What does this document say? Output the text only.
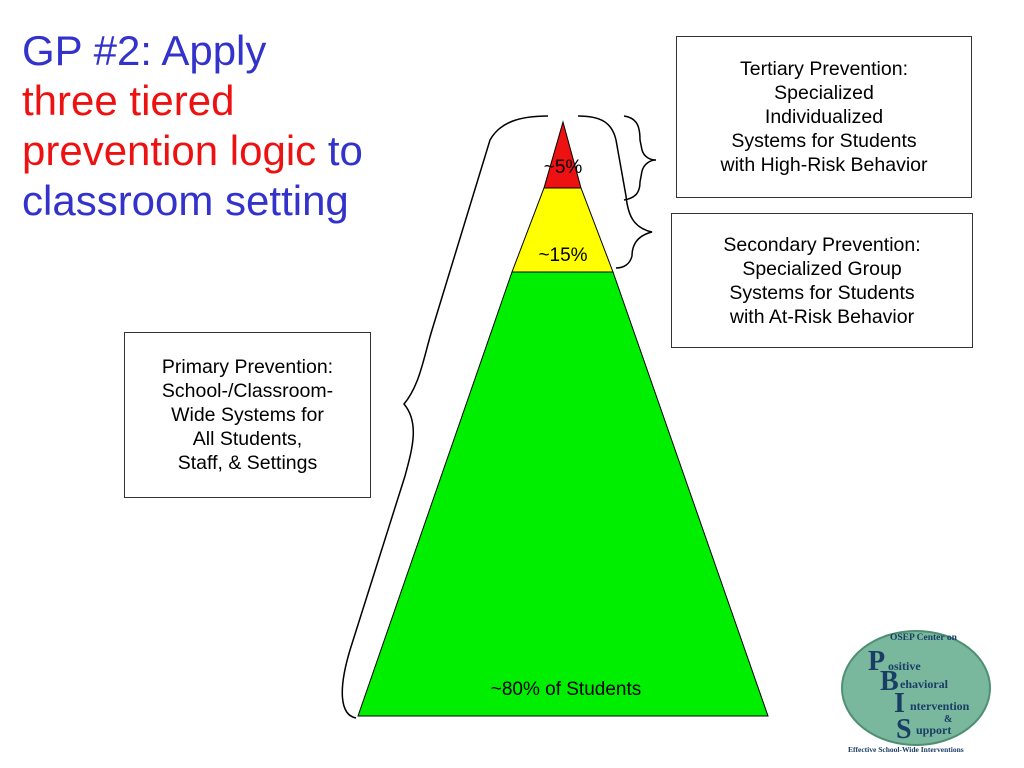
GP #2: Apply
three tiered
prevention logic to
classroom setting
~5%
~15%
~80% of Students
Tertiary Prevention:
Specialized
Individualized
Systems for Students
with High-Risk Behavior
Secondary Prevention:
Specialized Group
Systems for Students
with At-Risk Behavior
Primary Prevention:
School-/Classroom-
Wide Systems for
All Students,
Staff, & Settings
OSEP Center on
P ositive
B ehavioral
I ntervention
&
S upport
Effective School-Wide Interventions
